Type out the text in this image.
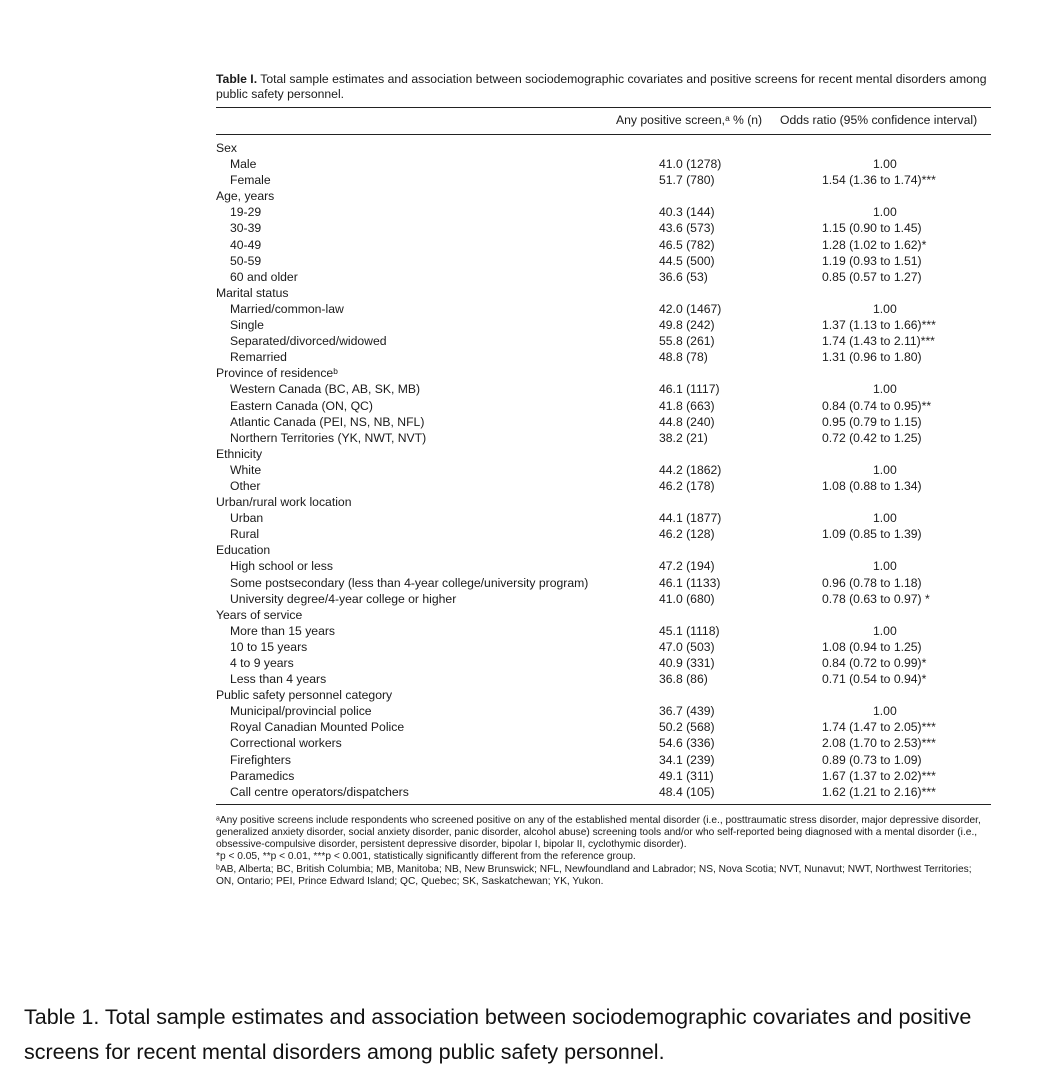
Table I. Total sample estimates and association between sociodemographic covariates and positive screens for recent mental disorders among public safety personnel.

Any positive screen,ᵃ % (n) Odds ratio (95% confidence interval)
Sex
Male	41.0 (1278)	1.00
Female	51.7 (780)	1.54 (1.36 to 1.74)***
Age, years
19-29	40.3 (144)	1.00
30-39	43.6 (573)	1.15 (0.90 to 1.45)
40-49	46.5 (782)	1.28 (1.02 to 1.62)*
50-59	44.5 (500)	1.19 (0.93 to 1.51)
60 and older	36.6 (53)	0.85 (0.57 to 1.27)
Marital status
Married/common-law	42.0 (1467)	1.00
Single	49.8 (242)	1.37 (1.13 to 1.66)***
Separated/divorced/widowed	55.8 (261)	1.74 (1.43 to 2.11)***
Remarried	48.8 (78)	1.31 (0.96 to 1.80)
Province of residenceᵇ
Western Canada (BC, AB, SK, MB)	46.1 (1117)	1.00
Eastern Canada (ON, QC)	41.8 (663)	0.84 (0.74 to 0.95)**
Atlantic Canada (PEI, NS, NB, NFL)	44.8 (240)	0.95 (0.79 to 1.15)
Northern Territories (YK, NWT, NVT)	38.2 (21)	0.72 (0.42 to 1.25)
Ethnicity
White	44.2 (1862)	1.00
Other	46.2 (178)	1.08 (0.88 to 1.34)
Urban/rural work location
Urban	44.1 (1877)	1.00
Rural	46.2 (128)	1.09 (0.85 to 1.39)
Education
High school or less	47.2 (194)	1.00
Some postsecondary (less than 4-year college/university program)	46.1 (1133)	0.96 (0.78 to 1.18)
University degree/4-year college or higher	41.0 (680)	0.78 (0.63 to 0.97) *
Years of service
More than 15 years	45.1 (1118)	1.00
10 to 15 years	47.0 (503)	1.08 (0.94 to 1.25)
4 to 9 years	40.9 (331)	0.84 (0.72 to 0.99)*
Less than 4 years	36.8 (86)	0.71 (0.54 to 0.94)*
Public safety personnel category
Municipal/provincial police	36.7 (439)	1.00
Royal Canadian Mounted Police	50.2 (568)	1.74 (1.47 to 2.05)***
Correctional workers	54.6 (336)	2.08 (1.70 to 2.53)***
Firefighters	34.1 (239)	0.89 (0.73 to 1.09)
Paramedics	49.1 (311)	1.67 (1.37 to 2.02)***
Call centre operators/dispatchers	48.4 (105)	1.62 (1.21 to 2.16)***
ᵃAny positive screens include respondents who screened positive on any of the established mental disorder (i.e., posttraumatic stress disorder, major depressive disorder, generalized anxiety disorder, social anxiety disorder, panic disorder, alcohol abuse) screening tools and/or who self-reported being diagnosed with a mental disorder (i.e., obsessive-compulsive disorder, persistent depressive disorder, bipolar I, bipolar II, cyclothymic disorder).
*p < 0.05, **p < 0.01, ***p < 0.001, statistically significantly different from the reference group.
ᵇAB, Alberta; BC, British Columbia; MB, Manitoba; NB, New Brunswick; NFL, Newfoundland and Labrador; NS, Nova Scotia; NVT, Nunavut; NWT, Northwest Territories; ON, Ontario; PEI, Prince Edward Island; QC, Quebec; SK, Saskatchewan; YK, Yukon.

Table 1. Total sample estimates and association between sociodemographic covariates and positive screens for recent mental disorders among public safety personnel.
